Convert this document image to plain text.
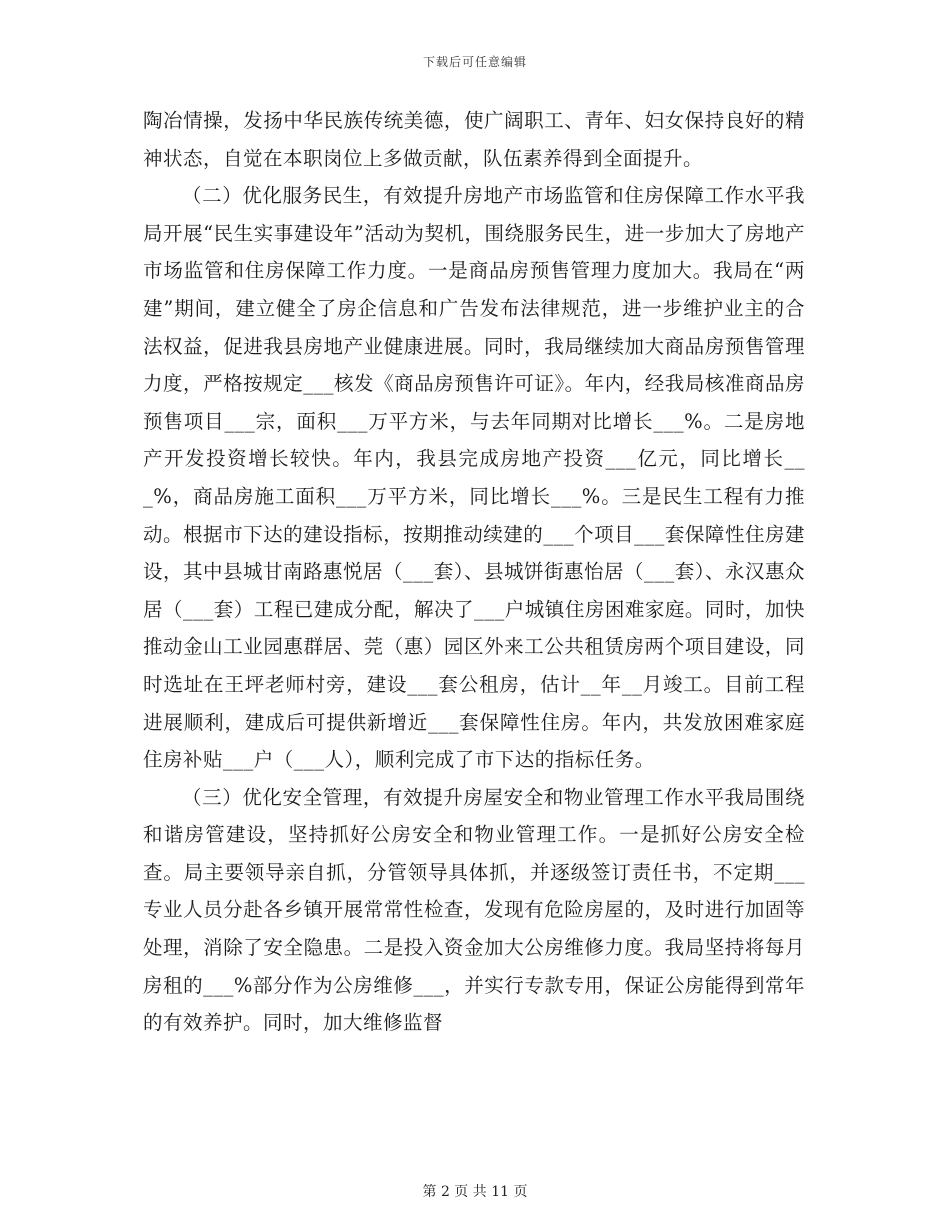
下载后可任意编辑

陶冶情操，发扬中华民族传统美德，使广阔职工、青年、妇女保持良好的精神状态，自觉在本职岗位上多做贡献，队伍素养得到全面提升。

（二）优化服务民生，有效提升房地产市场监管和住房保障工作水平我局开展“民生实事建设年”活动为契机，围绕服务民生，进一步加大了房地产市场监管和住房保障工作力度。一是商品房预售管理力度加大。我局在“两建”期间，建立健全了房企信息和广告发布法律规范，进一步维护业主的合法权益，促进我县房地产业健康进展。同时，我局继续加大商品房预售管理力度，严格按规定___核发《商品房预售许可证》。年内，经我局核准商品房预售项目___宗，面积___万平方米，与去年同期对比增长___%。二是房地产开发投资增长较快。年内，我县完成房地产投资___亿元，同比增长___%，商品房施工面积___万平方米，同比增长___%。三是民生工程有力推动。根据市下达的建设指标，按期推动续建的___个项目___套保障性住房建设，其中县城甘南路惠悦居（___套）、县城饼街惠怡居（___套）、永汉惠众居（___套）工程已建成分配，解决了___户城镇住房困难家庭。同时，加快推动金山工业园惠群居、莞（惠）园区外来工公共租赁房两个项目建设，同时选址在王坪老师村旁，建设___套公租房，估计__年__月竣工。目前工程进展顺利，建成后可提供新增近___套保障性住房。年内，共发放困难家庭住房补贴___户（___人），顺利完成了市下达的指标任务。

（三）优化安全管理，有效提升房屋安全和物业管理工作水平我局围绕和谐房管建设，坚持抓好公房安全和物业管理工作。一是抓好公房安全检查。局主要领导亲自抓，分管领导具体抓，并逐级签订责任书，不定期___专业人员分赴各乡镇开展常常性检查，发现有危险房屋的，及时进行加固等处理，消除了安全隐患。二是投入资金加大公房维修力度。我局坚持将每月房租的___%部分作为公房维修___，并实行专款专用，保证公房能得到常年的有效养护。同时，加大维修监督

第 2 页 共 11 页
